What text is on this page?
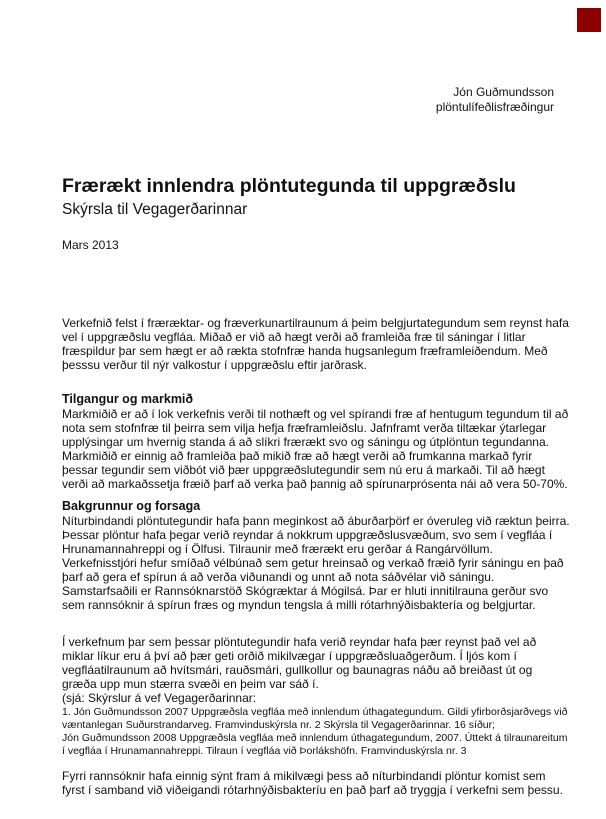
Jón Guðmundsson
plöntulífeðlisfræðingur
Frærækt innlendra plöntutegunda til uppgræðslu
Skýrsla til Vegagerðarinnar
Mars 2013

Verkefnið felst í fræræktar- og fræverkunartilraunum á þeim belgjurtategundum sem reynst hafa vel í uppgræðslu vegfláa. Miðað er við að hægt verði að framleiða fræ til sáningar í litlar fræspildur þar sem hægt er að rækta stofnfræ handa hugsanlegum fræframleiðendum. Með þesssu verður til nýr valkostur í uppgræðslu eftir jarðrask.

Tilgangur og markmið

Markmiðið er að í lok verkefnis verði til nothæft og vel spírandi fræ af hentugum tegundum til að nota sem stofnfræ til þeirra sem vilja hefja fræframleiðslu. Jafnframt verða tiltækar ýtarlegar upplýsingar um hvernig standa á að slíkri frærækt svo og sáningu og útplöntun tegundanna. Markmiðið er einnig að framleiða það mikið fræ að hægt verði að frumkanna markað fyrir þessar tegundir sem viðbót við þær uppgræðslutegundir sem nú eru á markaði. Til að hægt verði að markaðssetja fræið þarf að verka það þannig að spírunarprósenta nái að vera 50-70%.

Bakgrunnur og forsaga

Níturbindandi plöntutegundir hafa þann meginkost að áburðarþörf er óveruleg við ræktun þeirra. Þessar plöntur hafa þegar verið reyndar á nokkrum uppgræðslusvæðum, svo sem í vegfláa í Hrunamannahreppi og í Ölfusi. Tilraunir með frærækt eru gerðar á Rangárvöllum. Verkefnisstjóri hefur smíðað vélbúnað sem getur hreinsað og verkað fræið fyrir sáningu en það þarf að gera ef spírun á að verða viðunandi og unnt að nota sáðvélar við sáningu. Samstarfsaðili er Rannsóknarstöð Skógræktar á Mógilsá. Þar er hluti innitilrauna gerður svo sem rannsóknir á spírun fræs og myndun tengsla á milli rótarhnýðisbaktería og belgjurtar.

Í verkefnum þar sem þessar plöntutegundir hafa verið reyndar hafa þær reynst það vel að miklar líkur eru á því að þær geti orðið mikilvægar í uppgræðsluaðgerðum. Í ljós kom í vegfláatilraunum að hvítsmári, rauðsmári, gullkollur og baunagras náðu að breiðast út og græða upp mun stærra svæði en þeim var sáð í.

(sjá: Skýrslur á vef Vegagerðarinnar:

1. Jón Guðmundsson 2007 Uppgræðsla vegfláa með innlendum úthagategundum. Gildi yfirborðsjarðvegs við væntanlegan Suðurstrandarveg. Framvinduskýrsla nr. 2 Skýrsla til Vegagerðarinnar. 16 síður;
Jón Guðmundsson 2008 Uppgræðsla vegfláa með innlendum úthagategundum, 2007. Úttekt á tilraunareitum í vegfláa í Hrunamannahreppi. Tilraun í vegfláa við Þorlákshöfn. Framvinduskýrsla nr. 3

Fyrri rannsóknir hafa einnig sýnt fram á mikilvægi þess að níturbindandi plöntur komist sem fyrst í samband við viðeigandi rótarhnýðisbakteríu en það þarf að tryggja í verkefni sem þessu.
